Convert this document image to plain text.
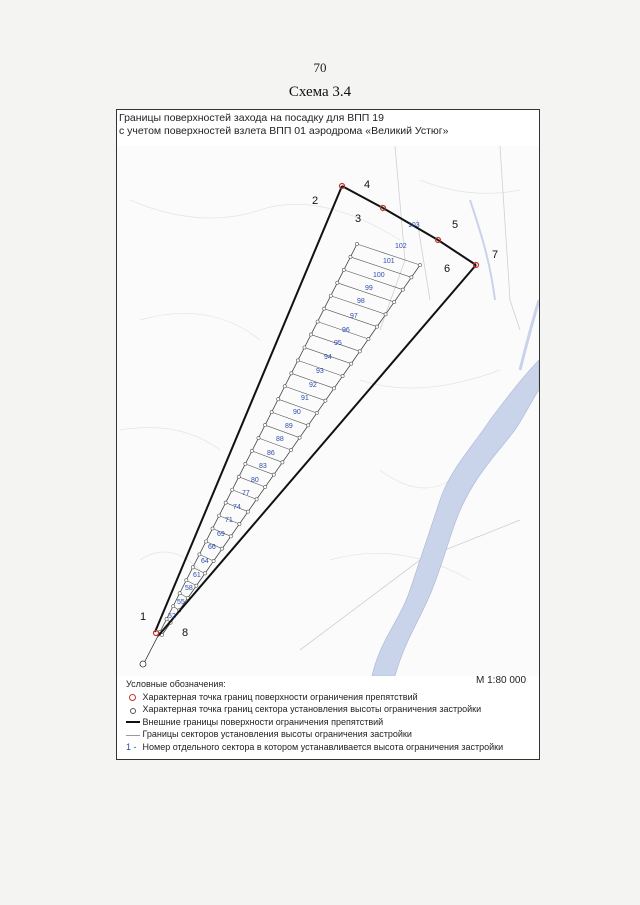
70
Схема 3.4
Границы поверхностей захода на посадку для ВПП 19
с учетом поверхностей взлета ВПП 01 аэродрома «Великий Устюг»
1
2
3
4
5
6
7
8
102
103
101
100
99
98
97
96
95
94
93
92
91
90
89
88
86
83
80
77
74
71
69
66
64
61
58
55
52
М 1:80 000
Условные обозначения:
Характерная точка границ поверхности ограничения препятствий
Характерная точка границ сектора установления высоты ограничения застройки
Внешние границы поверхности ограничения препятствий
Границы секторов установления высоты ограничения застройки
1 - Номер отдельного сектора в котором устанавливается высота ограничения застройки
